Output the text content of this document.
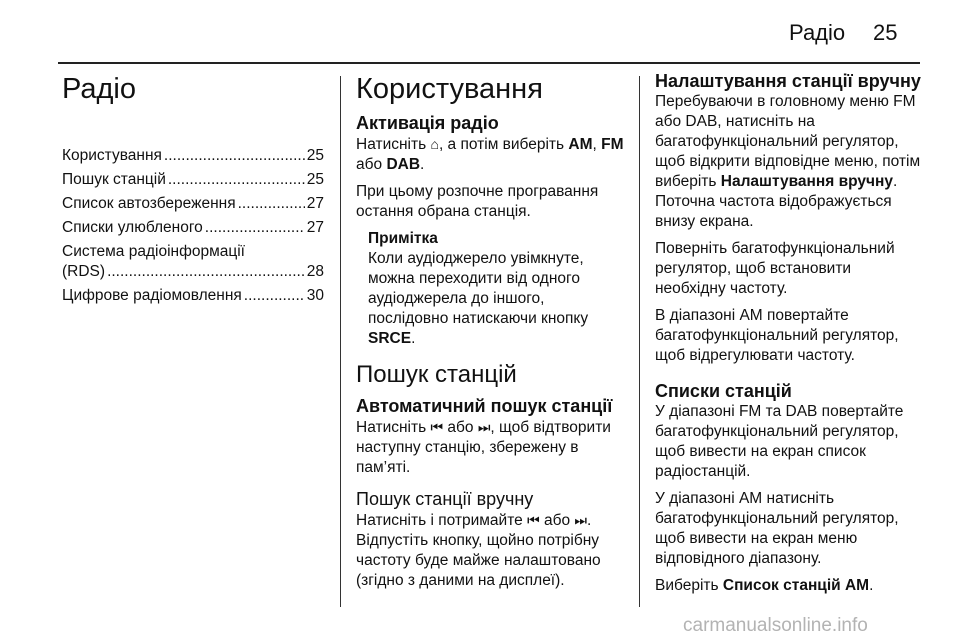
Радіо 25
Радіо
Користування .....	25
Пошук станцій .....	25
Список автозбереження .....	27
Списки улюбленого .....	27
Система радіоінформації
(RDS) .....	28
Цифрове радіомовлення .....	30
Користування
Активація радіо

Натисніть ⌂, а потім виберіть AM, FM або DAB.

При цьому розпочне програвання остання обрана станція.

Примітка
Коли аудіоджерело увімкнуте, можна переходити від одного аудіоджерела до іншого, послідовно натискаючи кнопку SRCE.
Пошук станцій
Автоматичний пошук станції

Натисніть ⏮ або ⏭, щоб відтворити наступну станцію, збережену в пам’яті.

Пошук станції вручну

Натисніть і потримайте ⏮ або ⏭. Відпустіть кнопку, щойно потрібну частоту буде майже налаштовано (згідно з даними на дисплеї).

Налаштування станції вручну

Перебуваючи в головному меню FM або DAB, натисніть на багатофункціональний регулятор, щоб відкрити відповідне меню, потім виберіть Налаштування вручну. Поточна частота відображується внизу екрана.

Поверніть багатофункціональний регулятор, щоб встановити необхідну частоту.

В діапазоні AM повертайте багатофункціональний регулятор, щоб відрегулювати частоту.

Списки станцій

У діапазоні FM та DAB повертайте багатофункціональний регулятор, щоб вивести на екран список радіостанцій.

У діапазоні AM натисніть багатофункціональний регулятор, щоб вивести на екран меню відповідного діапазону.

Виберіть Список станцій AM.

carmanualsonline.info
